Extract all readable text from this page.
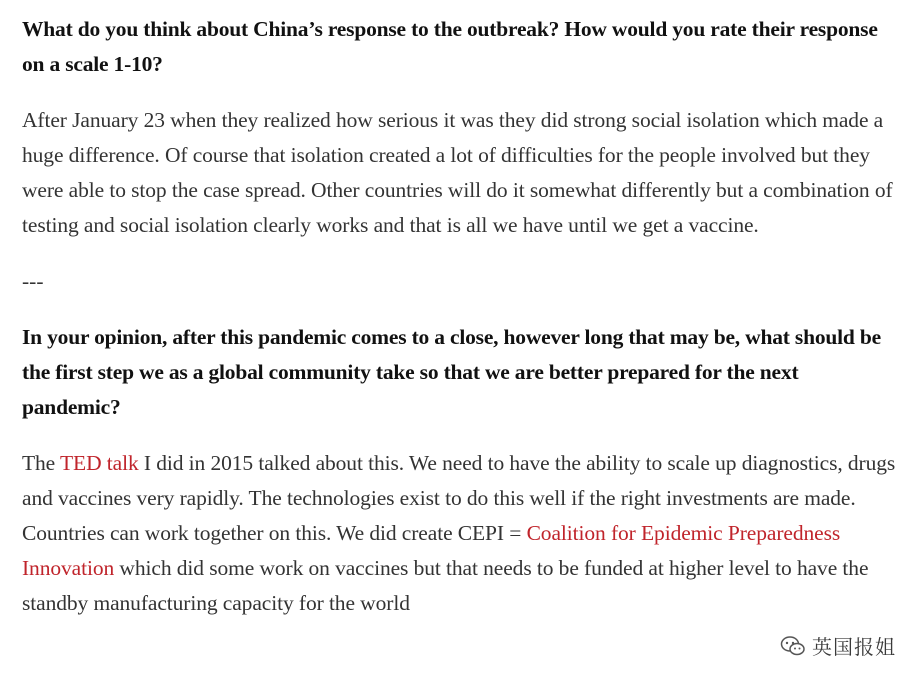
What do you think about China’s response to the outbreak? How would you rate their response on a scale 1-10?

After January 23 when they realized how serious it was they did strong social isolation which made a huge difference. Of course that isolation created a lot of difficulties for the people involved but they were able to stop the case spread. Other countries will do it somewhat differently but a combination of testing and social isolation clearly works and that is all we have until we get a vaccine.

---

In your opinion, after this pandemic comes to a close, however long that may be, what should be the first step we as a global community take so that we are better prepared for the next pandemic?

The TED talk I did in 2015 talked about this. We need to have the ability to scale up diagnostics, drugs and vaccines very rapidly. The technologies exist to do this well if the right investments are made. Countries can work together on this. We did create CEPI = Coalition for Epidemic Preparedness Innovation which did some work on vaccines but that needs to be funded at higher level to have the standby manufacturing capacity for the world

英国报姐
